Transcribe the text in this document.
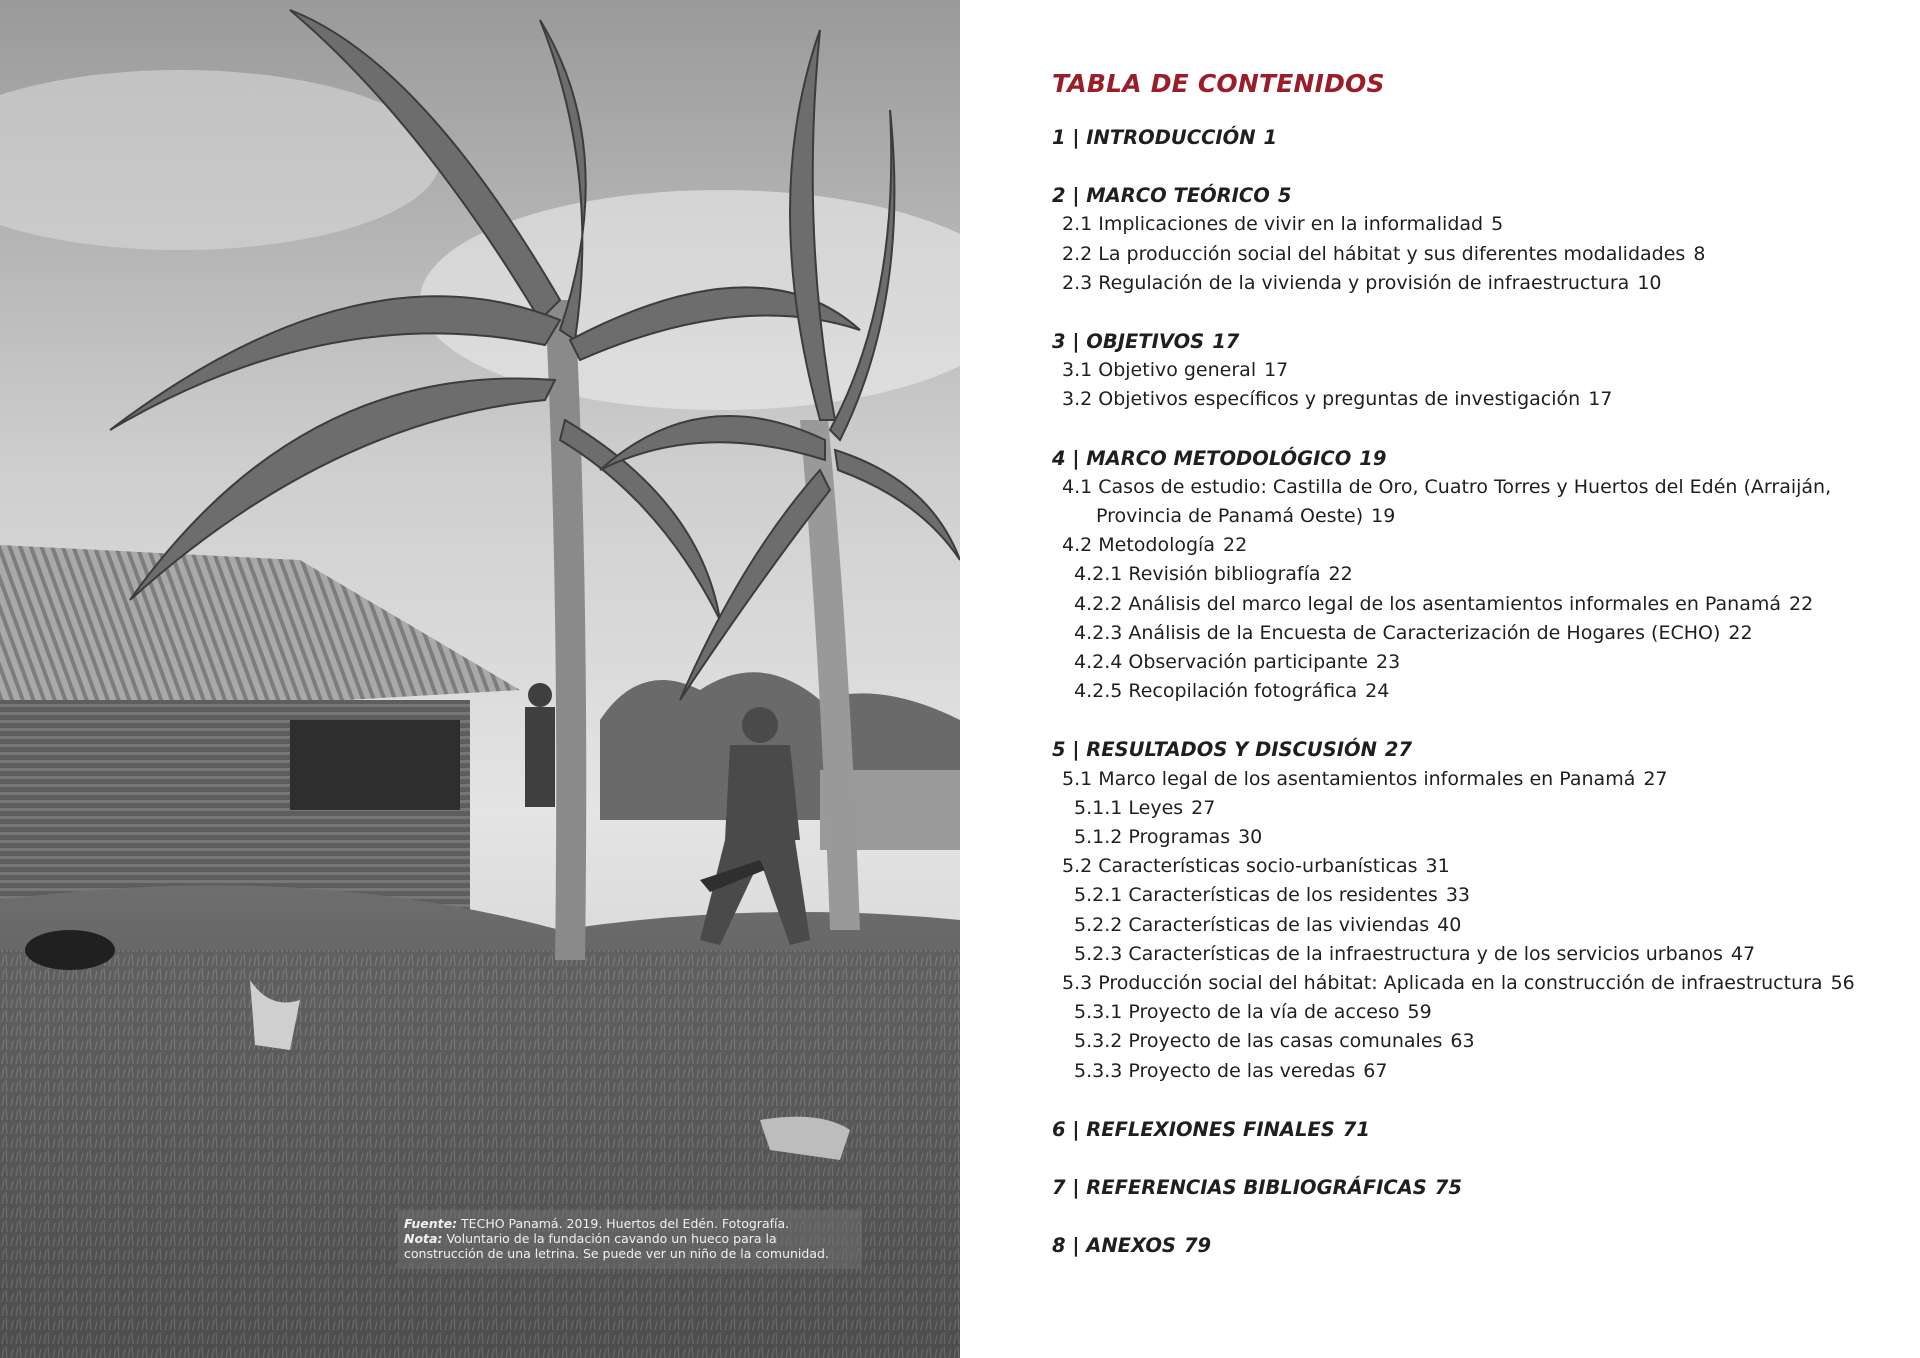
Fuente: TECHO Panamá. 2019. Huertos del Edén. Fotografía.
Nota: Voluntario de la fundación cavando un hueco para la
construcción de una letrina. Se puede ver un niño de la comunidad.
TABLA DE CONTENIDOS
1 | INTRODUCCIÓN 1
2 | MARCO TEÓRICO 5
2.1 Implicaciones de vivir en la informalidad 5
2.2 La producción social del hábitat y sus diferentes modalidades 8
2.3 Regulación de la vivienda y provisión de infraestructura 10
3 | OBJETIVOS 17
3.1 Objetivo general 17
3.2 Objetivos específicos y preguntas de investigación 17
4 | MARCO METODOLÓGICO 19
4.1 Casos de estudio: Castilla de Oro, Cuatro Torres y Huertos del Edén (Arraiján,
Provincia de Panamá Oeste) 19
4.2 Metodología 22
4.2.1 Revisión bibliografía 22
4.2.2 Análisis del marco legal de los asentamientos informales en Panamá 22
4.2.3 Análisis de la Encuesta de Caracterización de Hogares (ECHO) 22
4.2.4 Observación participante 23
4.2.5 Recopilación fotográfica 24
5 | RESULTADOS Y DISCUSIÓN 27
5.1 Marco legal de los asentamientos informales en Panamá 27
5.1.1 Leyes 27
5.1.2 Programas 30
5.2 Características socio-urbanísticas 31
5.2.1 Características de los residentes 33
5.2.2 Características de las viviendas 40
5.2.3 Características de la infraestructura y de los servicios urbanos 47
5.3 Producción social del hábitat: Aplicada en la construcción de infraestructura 56
5.3.1 Proyecto de la vía de acceso 59
5.3.2 Proyecto de las casas comunales 63
5.3.3 Proyecto de las veredas 67
6 | REFLEXIONES FINALES 71
7 | REFERENCIAS BIBLIOGRÁFICAS 75
8 | ANEXOS 79
